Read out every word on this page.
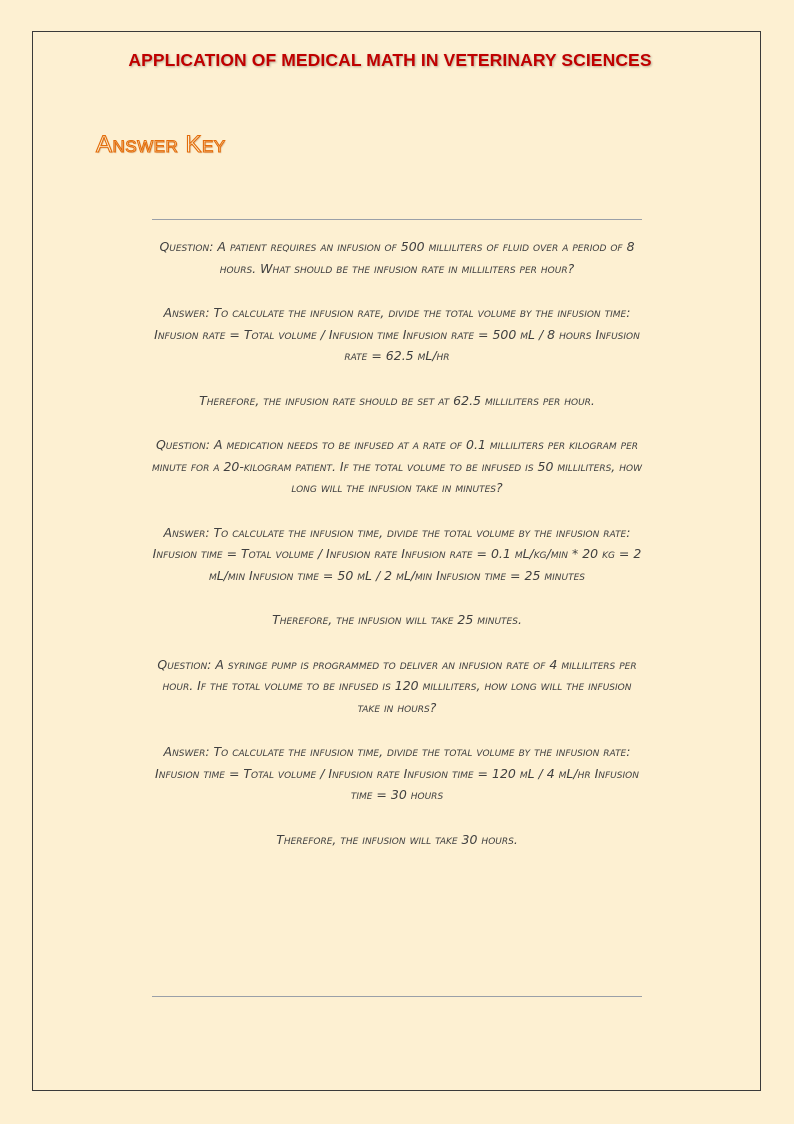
APPLICATION OF MEDICAL MATH IN VETERINARY SCIENCES
Answer Key

Question: A patient requires an infusion of 500 milliliters of fluid over a period of 8 hours. What should be the infusion rate in milliliters per hour?

Answer: To calculate the infusion rate, divide the total volume by the infusion time: Infusion rate = Total volume / Infusion time Infusion rate = 500 mL / 8 hours Infusion rate = 62.5 mL/hr

Therefore, the infusion rate should be set at 62.5 milliliters per hour.

Question: A medication needs to be infused at a rate of 0.1 milliliters per kilogram per minute for a 20-kilogram patient. If the total volume to be infused is 50 milliliters, how long will the infusion take in minutes?

Answer: To calculate the infusion time, divide the total volume by the infusion rate: Infusion time = Total volume / Infusion rate Infusion rate = 0.1 mL/kg/min * 20 kg = 2 mL/min Infusion time = 50 mL / 2 mL/min Infusion time = 25 minutes

Therefore, the infusion will take 25 minutes.

Question: A syringe pump is programmed to deliver an infusion rate of 4 milliliters per hour. If the total volume to be infused is 120 milliliters, how long will the infusion take in hours?

Answer: To calculate the infusion time, divide the total volume by the infusion rate: Infusion time = Total volume / Infusion rate Infusion time = 120 mL / 4 mL/hr Infusion time = 30 hours

Therefore, the infusion will take 30 hours.
